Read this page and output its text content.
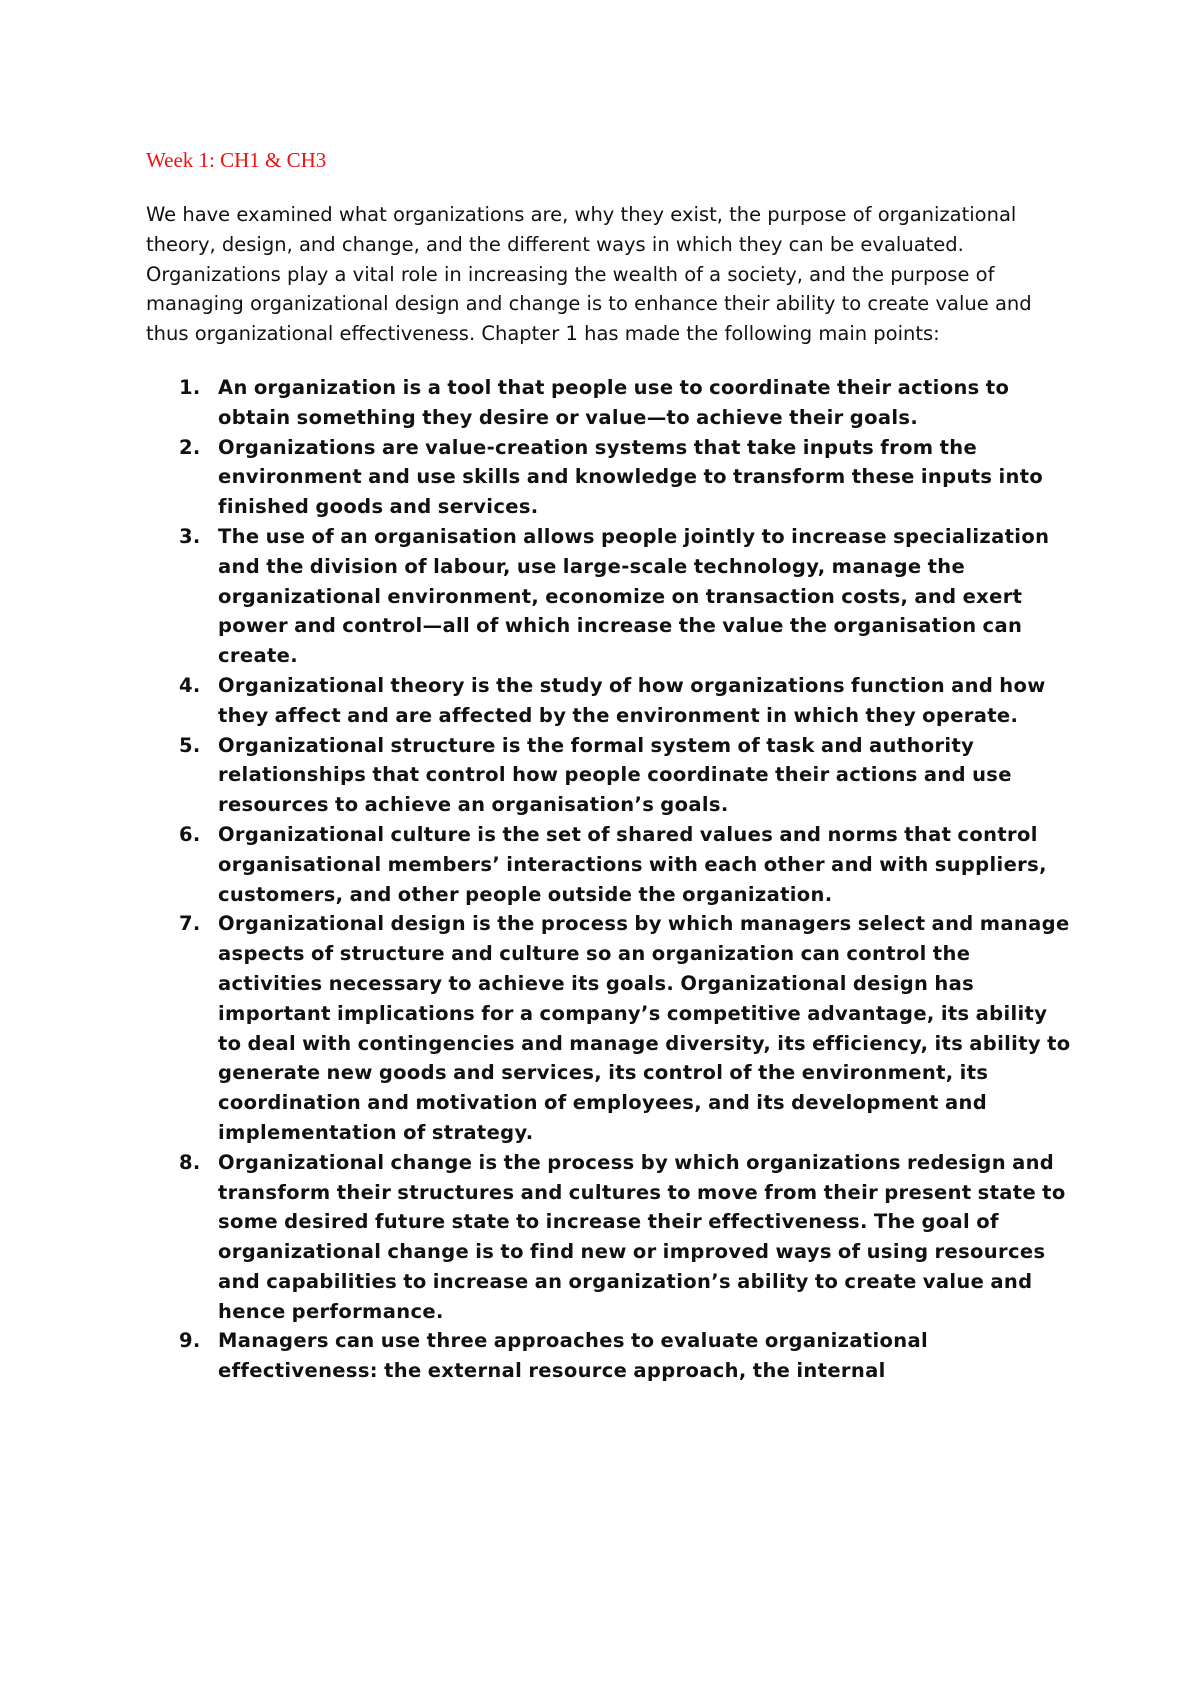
Week 1: CH1 & CH3

We have examined what organizations are, why they exist, the purpose of organizational theory, design, and change, and the different ways in which they can be evaluated. Organizations play a vital role in increasing the wealth of a society, and the purpose of managing organizational design and change is to enhance their ability to create value and thus organizational effectiveness. Chapter 1 has made the following main points:

1. An organization is a tool that people use to coordinate their actions to obtain something they desire or value—to achieve their goals.
2. Organizations are value-creation systems that take inputs from the environment and use skills and knowledge to transform these inputs into finished goods and services.
3. The use of an organisation allows people jointly to increase specialization and the division of labour, use large-scale technology, manage the organizational environment, economize on transaction costs, and exert power and control—all of which increase the value the organisation can create.
4. Organizational theory is the study of how organizations function and how they affect and are affected by the environment in which they operate.
5. Organizational structure is the formal system of task and authority relationships that control how people coordinate their actions and use resources to achieve an organisation’s goals.
6. Organizational culture is the set of shared values and norms that control organisational members’ interactions with each other and with suppliers, customers, and other people outside the organization.
7. Organizational design is the process by which managers select and manage aspects of structure and culture so an organization can control the activities necessary to achieve its goals. Organizational design has important implications for a company’s competitive advantage, its ability to deal with contingencies and manage diversity, its efficiency, its ability to generate new goods and services, its control of the environment, its coordination and motivation of employees, and its development and implementation of strategy.
8. Organizational change is the process by which organizations redesign and transform their structures and cultures to move from their present state to some desired future state to increase their effectiveness. The goal of organizational change is to find new or improved ways of using resources and capabilities to increase an organization’s ability to create value and hence performance.
9. Managers can use three approaches to evaluate organizational effectiveness: the external resource approach, the internal
